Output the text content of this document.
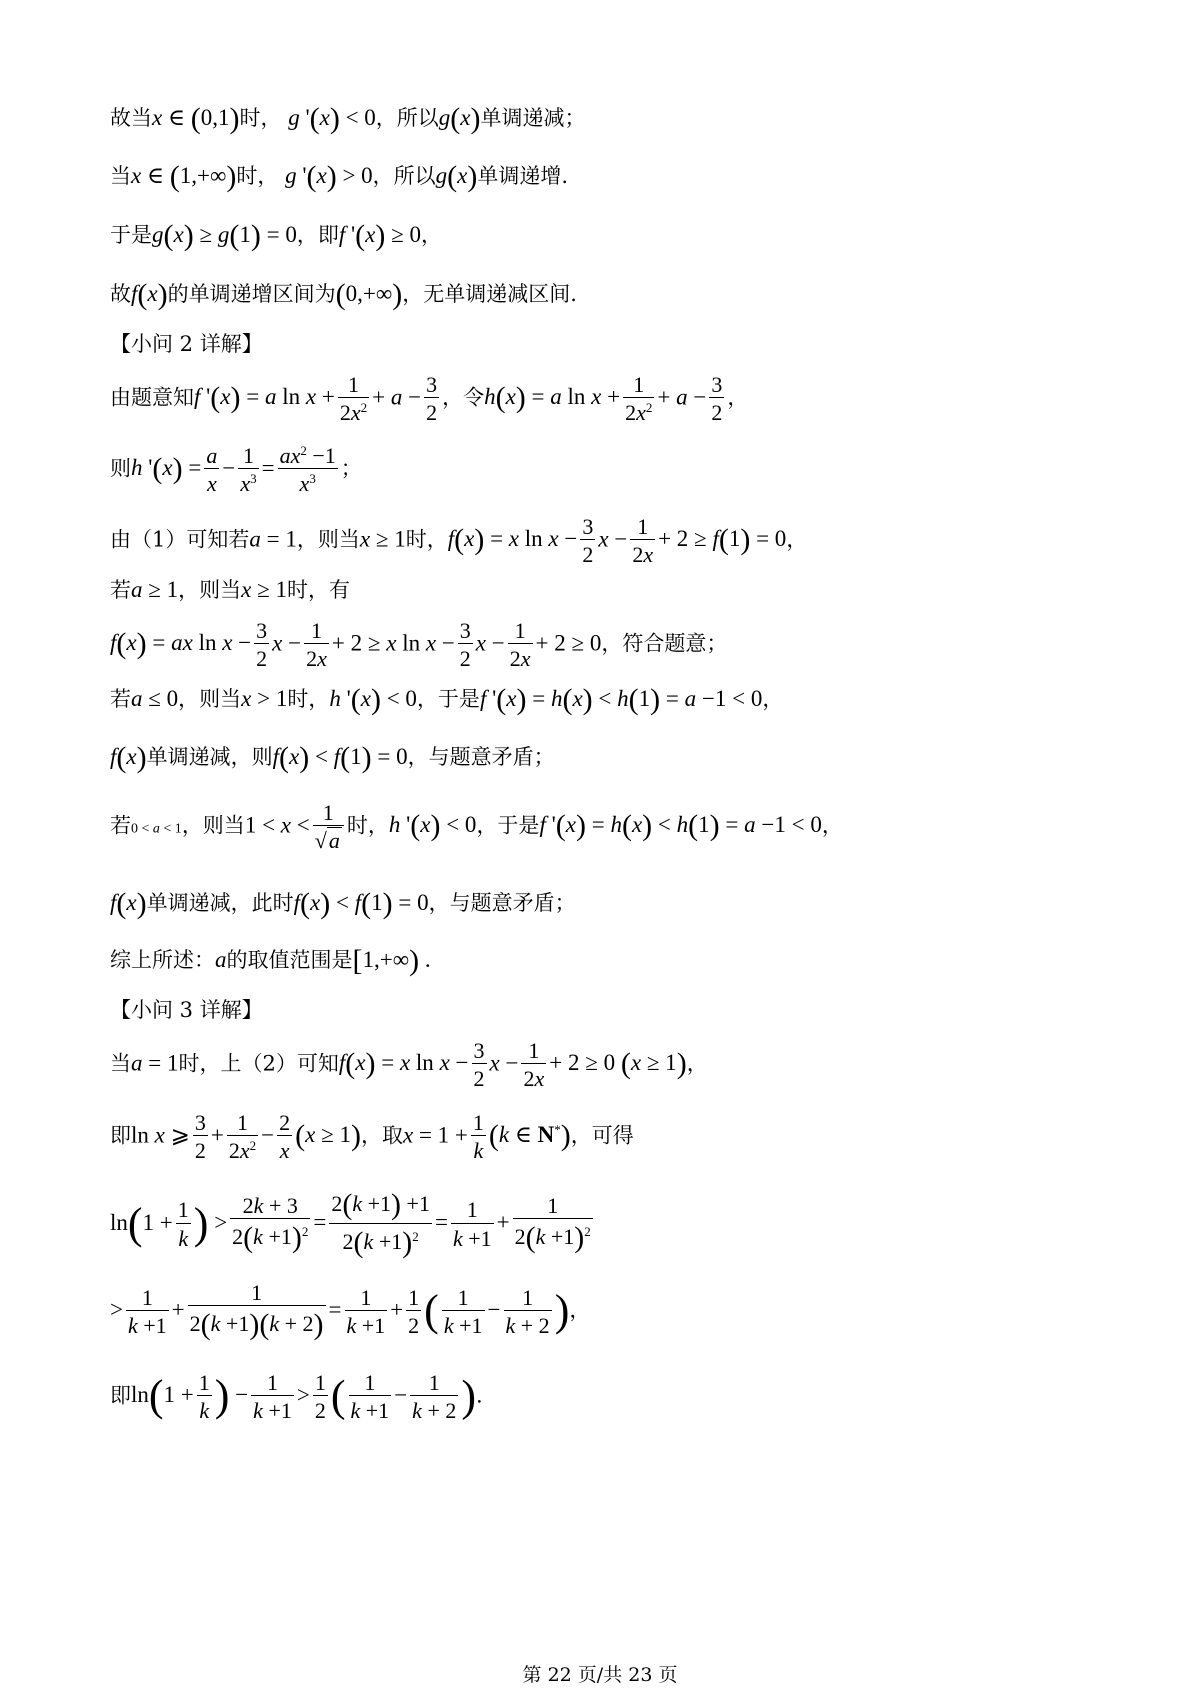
故当x ∈ (0,1)时， g '(x) < 0，所以g(x)单调递减；
当x ∈ (1,+∞)时， g '(x) > 0，所以g(x)单调递增.
于是g(x) ≥ g(1) = 0，即f '(x) ≥ 0，
故f(x)的单调递增区间为(0,+∞)，无单调递减区间.
【小问 2 详解】
由题意知f '(x) = a $\ln x + \frac{1}{2x^2} + a - \frac{3}{2}$ ，令h(x) = a $\ln x + \frac{1}{2x^2} + a - \frac{3}{2}$ ，
则h '$(x) = \frac{a}{x} - \frac{1}{x^3} = \frac{ax^2 -1}{x^3}$ ；
由（1）可知若a = 1，则当x ≥ 1时，f(x) = x $\ln x - \frac{3}{2}$ $x - \frac{1}{2x} + 2 \ge f(1) = 0$，
若a ≥ 1，则当x ≥ 1时，有
f(x) = ax $\ln x - \frac{3}{2}$ $x - \frac{1}{2x} + 2 \ge x$ $\ln x - \frac{3}{2}$ $x - \frac{1}{2x} + 2 \ge 0$，符合题意；
若a ≤ 0，则当x > 1时，h '(x) < 0，于是f '(x) = h(x) < h(1) = a −1 < 0，
f(x)单调递减，则f(x) < f(1) = 0，与题意矛盾；
若0 < a < 1，则当$1 < x < \frac{1}{√a}$ 时，h '(x) < 0，于是f '(x) = h(x) < h(1) = a −1 < 0，
f(x)单调递减，此时f(x) < f(1) = 0，与题意矛盾；
综上所述：a的取值范围是[1,+∞) .
【小问 3 详解】
当a = 1时，上（2）可知f(x) = x $\ln x - \frac{3}{2}$ $x - \frac{1}{2x} + 2 \ge 0$ (x ≥ 1)，
即ln x ⩾ $\frac{3}{2} + \frac{1}{2x^2} - \frac{2}{x} (x \ge 1)$，取$x = 1 + \frac{1}{k} (k$ ∈ N*)，可得
$\ln(1 + \frac{1}{k}$ ) > $\frac{2k + 3}{2(k +1)^2} = \frac{2(k +1) +1}{2(k +1)^2} = \frac{1}{k +1} + \frac{1}{2(k +1)^2}$
> $\frac{1}{k +1} + \frac{1}{2(k +1)(k + 2)} = \frac{1}{k +1} + \frac{1}{2}$ ( $\frac{1}{k +1} - \frac{1}{k + 2}$ )，
即$\ln(1 + \frac{1}{k}$ ) − $\frac{1}{k +1} > \frac{1}{2}$ ( $\frac{1}{k +1} - \frac{1}{k + 2}$ ).
第 22 页/共 23 页
